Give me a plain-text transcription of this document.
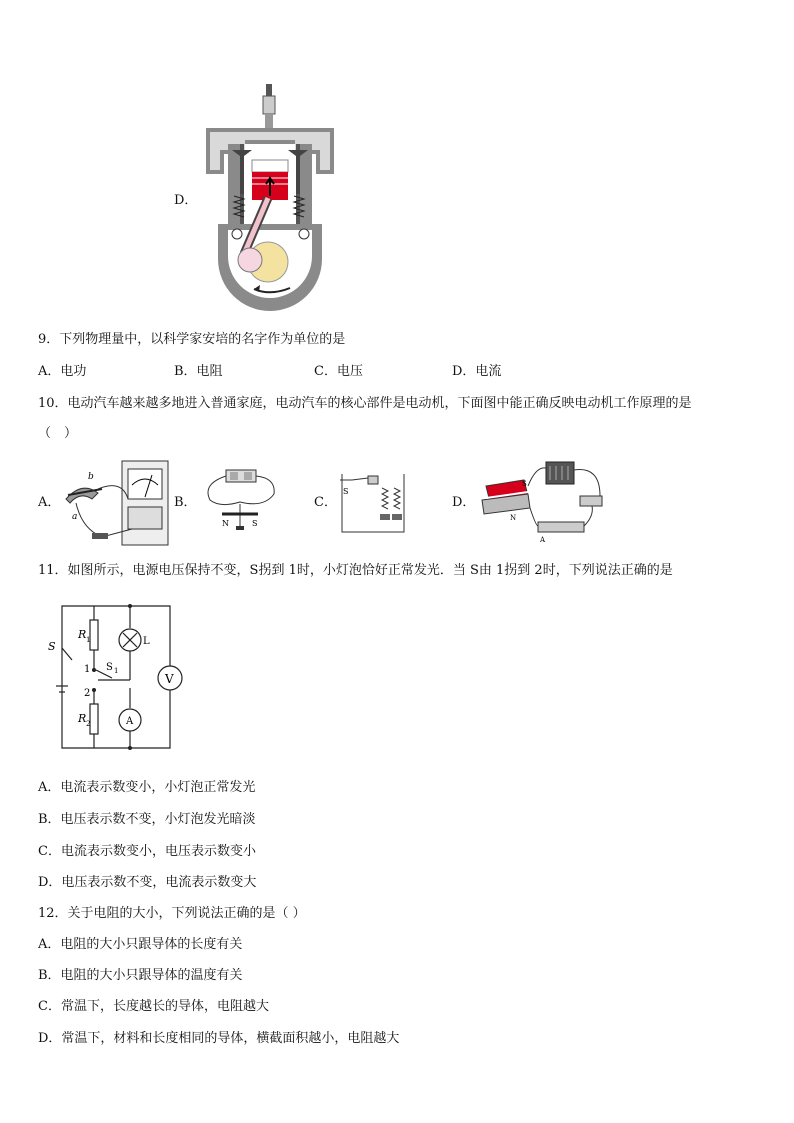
D．
9．下列物理量中，以科学家安培的名字作为单位的是
A．电功	B．电阻	C．电压	D．电流
10．电动汽车越来越多地进入普通家庭，电动汽车的核心部件是电动机，下面图中能正确反映电动机工作原理的是
（　）
A．
b
a
B．
N	S
C．
S
D．
S
N
A
11．如图所示，电源电压保持不变，S拐到 1时，小灯泡恰好正常发光．当 S由 1拐到 2时，下列说法正确的是
S
R 1
R 2
L
S 1
1
2
V
A
A．电流表示数变小，小灯泡正常发光
B．电压表示数不变，小灯泡发光暗淡
C．电流表示数变小，电压表示数变小
D．电压表示数不变，电流表示数变大
12．关于电阻的大小，下列说法正确的是（ ）
A．电阻的大小只跟导体的长度有关
B．电阻的大小只跟导体的温度有关
C．常温下，长度越长的导体，电阻越大
D．常温下，材料和长度相同的导体，横截面积越小，电阻越大
